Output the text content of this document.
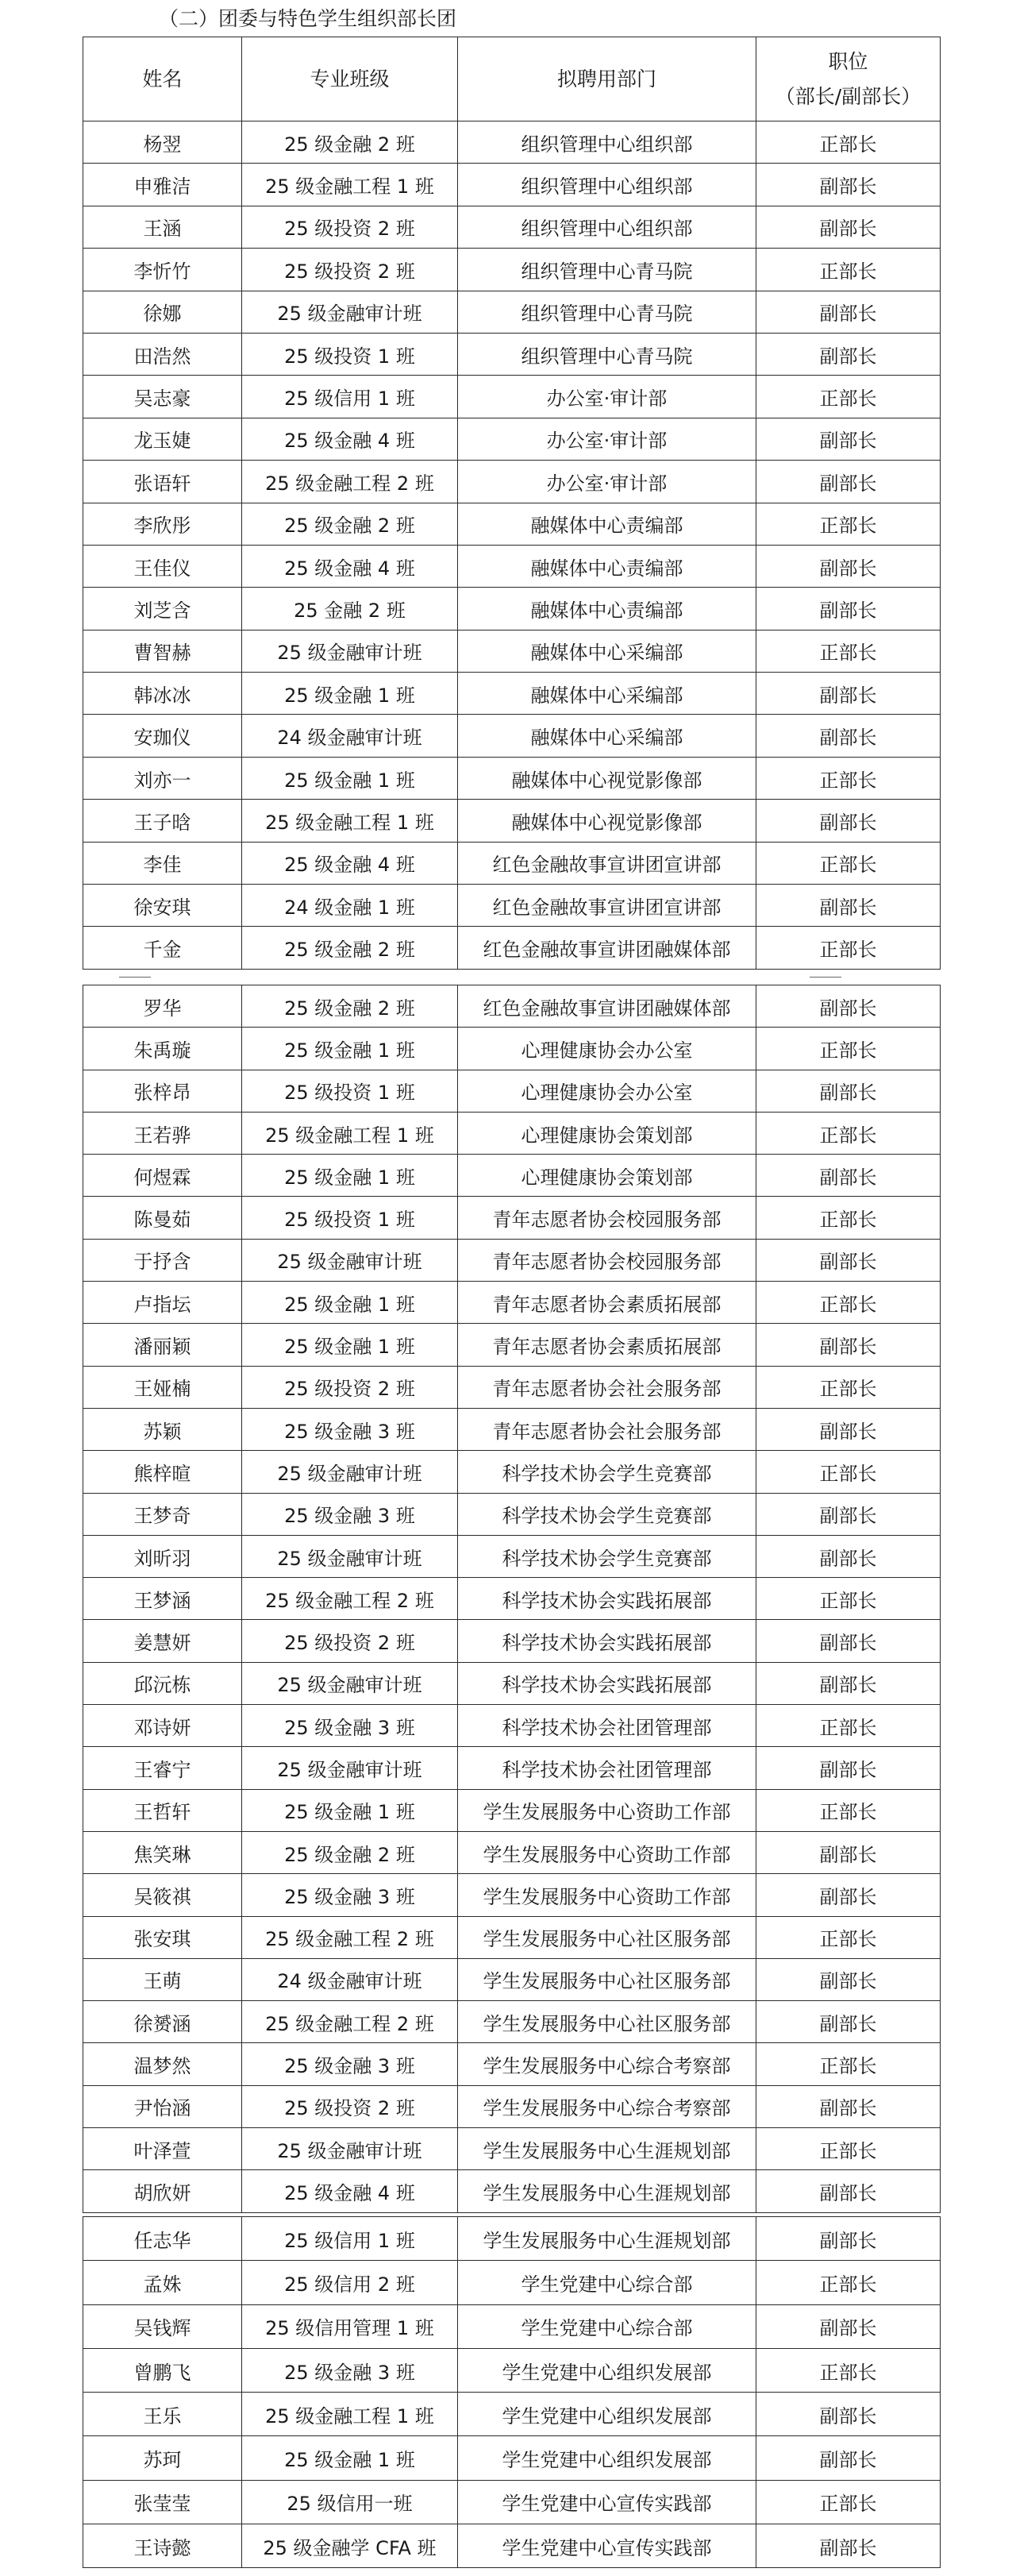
（二）团委与特色学生组织部长团
姓名	专业班级	拟聘用部门	职位
（部长/副部长）

杨翌	25 级金融 2 班	组织管理中心组织部	正部长
申雅洁	25 级金融工程 1 班	组织管理中心组织部	副部长
王涵	25 级投资 2 班	组织管理中心组织部	副部长
李忻竹	25 级投资 2 班	组织管理中心青马院	正部长
徐娜	25 级金融审计班	组织管理中心青马院	副部长
田浩然	25 级投资 1 班	组织管理中心青马院	副部长
吴志豪	25 级信用 1 班	办公室·审计部	正部长
龙玉婕	25 级金融 4 班	办公室·审计部	副部长
张语轩	25 级金融工程 2 班	办公室·审计部	副部长
李欣彤	25 级金融 2 班	融媒体中心责编部	正部长
王佳仪	25 级金融 4 班	融媒体中心责编部	副部长
刘芝含	25 金融 2 班	融媒体中心责编部	副部长
曹智赫	25 级金融审计班	融媒体中心采编部	正部长
韩冰冰	25 级金融 1 班	融媒体中心采编部	副部长
安珈仪	24 级金融审计班	融媒体中心采编部	副部长
刘亦一	25 级金融 1 班	融媒体中心视觉影像部	正部长
王子晗	25 级金融工程 1 班	融媒体中心视觉影像部	副部长
李佳	25 级金融 4 班	红色金融故事宣讲团宣讲部	正部长
徐安琪	24 级金融 1 班	红色金融故事宣讲团宣讲部	副部长
千金	25 级金融 2 班	红色金融故事宣讲团融媒体部	正部长
罗华	25 级金融 2 班	红色金融故事宣讲团融媒体部	副部长
朱禹璇	25 级金融 1 班	心理健康协会办公室	正部长
张梓昂	25 级投资 1 班	心理健康协会办公室	副部长
王若骅	25 级金融工程 1 班	心理健康协会策划部	正部长
何煜霖	25 级金融 1 班	心理健康协会策划部	副部长
陈曼茹	25 级投资 1 班	青年志愿者协会校园服务部	正部长
于抒含	25 级金融审计班	青年志愿者协会校园服务部	副部长
卢指坛	25 级金融 1 班	青年志愿者协会素质拓展部	正部长
潘丽颖	25 级金融 1 班	青年志愿者协会素质拓展部	副部长
王娅楠	25 级投资 2 班	青年志愿者协会社会服务部	正部长
苏颖	25 级金融 3 班	青年志愿者协会社会服务部	副部长
熊梓暄	25 级金融审计班	科学技术协会学生竞赛部	正部长
王梦奇	25 级金融 3 班	科学技术协会学生竞赛部	副部长
刘昕羽	25 级金融审计班	科学技术协会学生竞赛部	副部长
王梦涵	25 级金融工程 2 班	科学技术协会实践拓展部	正部长
姜慧妍	25 级投资 2 班	科学技术协会实践拓展部	副部长
邱沅栋	25 级金融审计班	科学技术协会实践拓展部	副部长
邓诗妍	25 级金融 3 班	科学技术协会社团管理部	正部长
王睿宁	25 级金融审计班	科学技术协会社团管理部	副部长
王哲轩	25 级金融 1 班	学生发展服务中心资助工作部	正部长
焦笑琳	25 级金融 2 班	学生发展服务中心资助工作部	副部长
吴筱祺	25 级金融 3 班	学生发展服务中心资助工作部	副部长
张安琪	25 级金融工程 2 班	学生发展服务中心社区服务部	正部长
王萌	24 级金融审计班	学生发展服务中心社区服务部	副部长
徐赟涵	25 级金融工程 2 班	学生发展服务中心社区服务部	副部长
温梦然	25 级金融 3 班	学生发展服务中心综合考察部	正部长
尹怡涵	25 级投资 2 班	学生发展服务中心综合考察部	副部长
叶泽萱	25 级金融审计班	学生发展服务中心生涯规划部	正部长
胡欣妍	25 级金融 4 班	学生发展服务中心生涯规划部	副部长
任志华	25 级信用 1 班	学生发展服务中心生涯规划部	副部长
孟姝	25 级信用 2 班	学生党建中心综合部	正部长
吴钱辉	25 级信用管理 1 班	学生党建中心综合部	副部长
曾鹏飞	25 级金融 3 班	学生党建中心组织发展部	正部长
王乐	25 级金融工程 1 班	学生党建中心组织发展部	副部长
苏珂	25 级金融 1 班	学生党建中心组织发展部	副部长
张莹莹	25 级信用一班	学生党建中心宣传实践部	正部长
王诗懿	25 级金融学 CFA 班	学生党建中心宣传实践部	副部长
